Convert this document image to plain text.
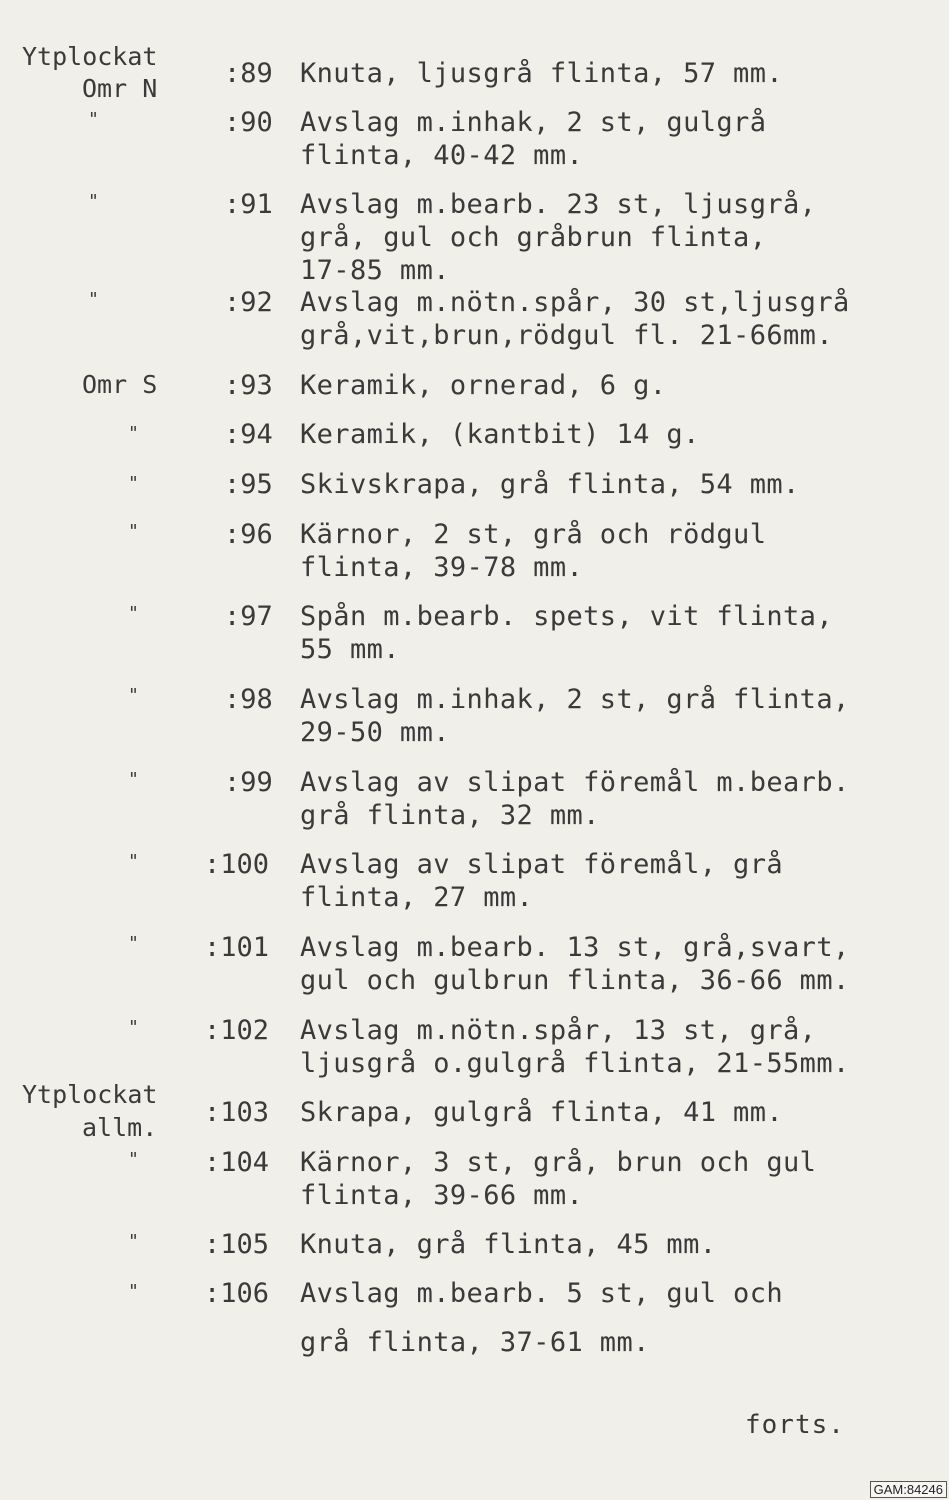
Ytplockat
Omr N
Omr S
Ytplockat
allm.
"
"
"
"
"
"
"
"
"
"
"
"
"
"
"
:89
:90
:91
:92
:93
:94
:95
:96
:97
:98
:99
:100
:101
:102
:103
:104
:105
:106
Knuta, ljusgrå flinta, 57 mm.
Avslag m.inhak, 2 st, gulgrå
flinta, 40-42 mm.
Avslag m.bearb. 23 st, ljusgrå,
grå, gul och gråbrun flinta,
17-85 mm.
Avslag m.nötn.spår, 30 st,ljusgrå
grå,vit,brun,rödgul fl. 21-66mm.
Keramik, ornerad, 6 g.
Keramik, (kantbit) 14 g.
Skivskrapa, grå flinta, 54 mm.
Kärnor, 2 st, grå och rödgul
flinta, 39-78 mm.
Spån m.bearb. spets, vit flinta,
55 mm.
Avslag m.inhak, 2 st, grå flinta,
29-50 mm.
Avslag av slipat föremål m.bearb.
grå flinta, 32 mm.
Avslag av slipat föremål, grå
flinta, 27 mm.
Avslag m.bearb. 13 st, grå,svart,
gul och gulbrun flinta, 36-66 mm.
Avslag m.nötn.spår, 13 st, grå,
ljusgrå o.gulgrå flinta, 21-55mm.
Skrapa, gulgrå flinta, 41 mm.
Kärnor, 3 st, grå, brun och gul
flinta, 39-66 mm.
Knuta, grå flinta, 45 mm.
Avslag m.bearb. 5 st, gul och
grå flinta, 37-61 mm.
forts.
GAM:84246
